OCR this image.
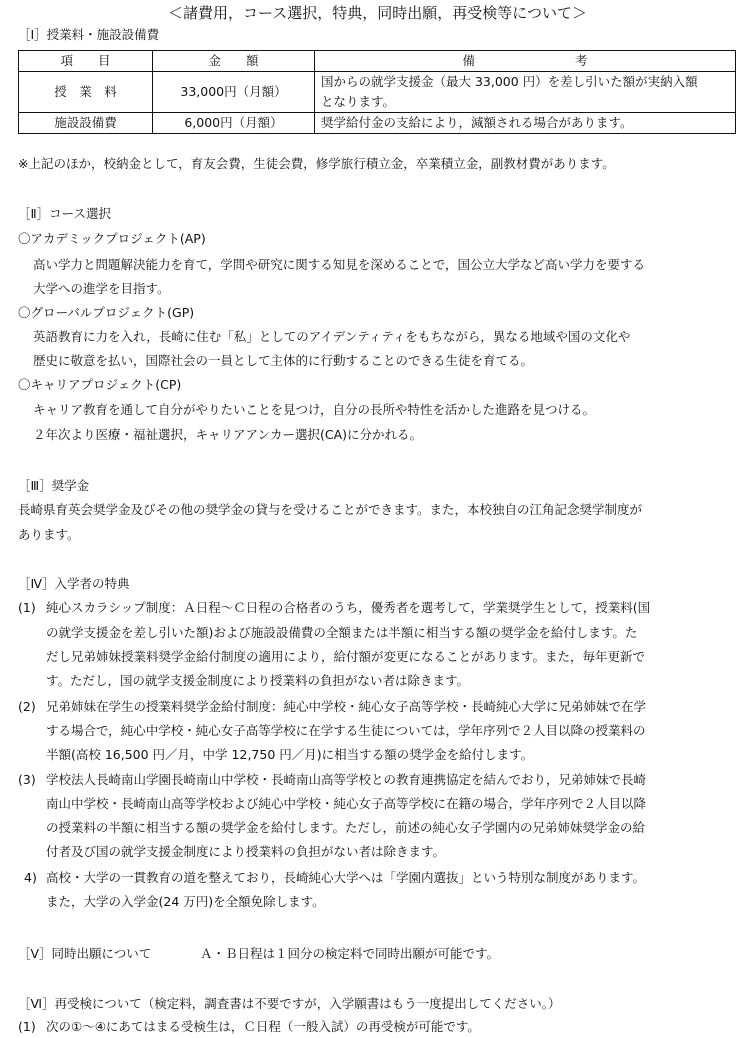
＜諸費用，コース選択，特典，同時出願，再受検等について＞
［Ⅰ］授業料・施設設備費
項　　目	金　　額	備　　　　　　　　考
授　業　料	33,000円（月額）	国からの就学支援金（最大 33,000 円）を差し引いた額が実納入額
となります。

施設設備費	6,000円（月額）	奨学給付金の支給により，減額される場合があります。
※上記のほか，校納金として，育友会費，生徒会費，修学旅行積立金，卒業積立金，副教材費があります。
［Ⅱ］コース選択
〇アカデミックプロジェクト(AP)
高い学力と問題解決能力を育て，学問や研究に関する知見を深めることで，国公立大学など高い学力を要する
大学への進学を目指す。
〇グローバルプロジェクト(GP)
英語教育に力を入れ，長崎に住む「私」としてのアイデンティティをもちながら，異なる地域や国の文化や
歴史に敬意を払い，国際社会の一員として主体的に行動することのできる生徒を育てる。
〇キャリアプロジェクト(CP)
キャリア教育を通して自分がやりたいことを見つけ，自分の長所や特性を活かした進路を見つける。
２年次より医療・福祉選択，キャリアアンカー選択(CA)に分かれる。
［Ⅲ］奨学金
長崎県育英会奨学金及びその他の奨学金の貸与を受けることができます。また，本校独自の江角記念奨学制度が
あります。
［Ⅳ］入学者の特典
(1) 純心スカラシップ制度：Ａ日程～Ｃ日程の合格者のうち，優秀者を選考して，学業奨学生として，授業料(国
の就学支援金を差し引いた額)および施設設備費の全額または半額に相当する額の奨学金を給付します。た
だし兄弟姉妹授業料奨学金給付制度の適用により，給付額が変更になることがあります。また，毎年更新で
す。ただし，国の就学支援金制度により授業料の負担がない者は除きます。
(2) 兄弟姉妹在学生の授業料奨学金給付制度：純心中学校・純心女子高等学校・長崎純心大学に兄弟姉妹で在学
する場合で，純心中学校・純心女子高等学校に在学する生徒については，学年序列で２人目以降の授業料の
半額(高校 16,500 円／月，中学 12,750 円／月)に相当する額の奨学金を給付します。
(3) 学校法人長崎南山学園長崎南山中学校・長崎南山高等学校との教育連携協定を結んでおり，兄弟姉妹で長崎
南山中学校・長崎南山高等学校および純心中学校・純心女子高等学校に在籍の場合，学年序列で２人目以降
の授業料の半額に相当する額の奨学金を給付します。ただし，前述の純心女子学園内の兄弟姉妹奨学金の給
付者及び国の就学支援金制度により授業料の負担がない者は除きます。
4) 高校・大学の一貫教育の道を整えており，長崎純心大学へは「学園内選抜」という特別な制度があります。
また，大学の入学金(24 万円)を全額免除します。
［Ⅴ］同時出願について	Ａ・Ｂ日程は１回分の検定料で同時出願が可能です。
［Ⅵ］再受検について（検定料，調査書は不要ですが，入学願書はもう一度提出してください。）
(1) 次の①～④にあてはまる受検生は，Ｃ日程（一般入試）の再受検が可能です。
